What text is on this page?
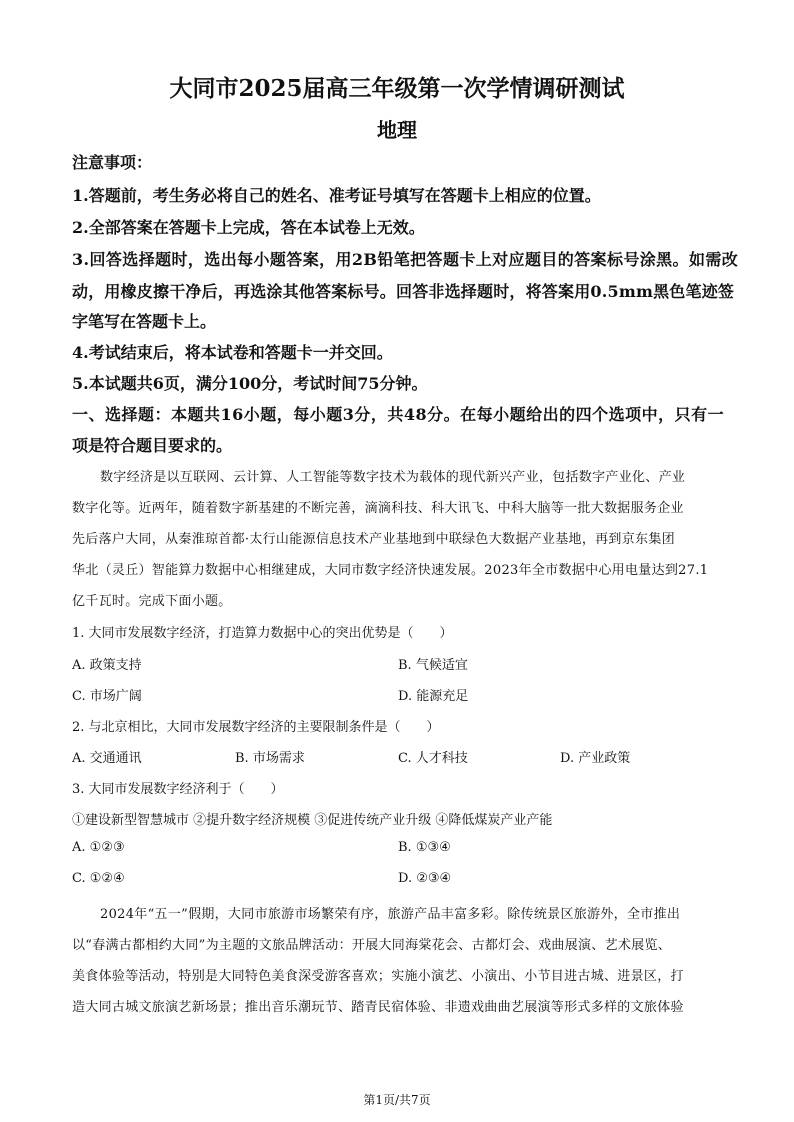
大同市2025届高三年级第一次学情调研测试
地理
注意事项：
1.答题前，考生务必将自己的姓名、准考证号填写在答题卡上相应的位置。
2.全部答案在答题卡上完成，答在本试卷上无效。
3.回答选择题时，选出每小题答案，用2B铅笔把答题卡上对应题目的答案标号涂黑。如需改
动，用橡皮擦干净后，再选涂其他答案标号。回答非选择题时，将答案用0.5mm黑色笔迹签
字笔写在答题卡上。
4.考试结束后，将本试卷和答题卡一并交回。
5.本试题共6页，满分100分，考试时间75分钟。
一、选择题：本题共16小题，每小题3分，共48分。在每小题给出的四个选项中，只有一
项是符合题目要求的。
数字经济是以互联网、云计算、人工智能等数字技术为载体的现代新兴产业，包括数字产业化、产业
数字化等。近两年，随着数字新基建的不断完善，滴滴科技、科大讯飞、中科大脑等一批大数据服务企业
先后落户大同，从秦淮琼首都·太行山能源信息技术产业基地到中联绿色大数据产业基地，再到京东集团
华北（灵丘）智能算力数据中心相继建成，大同市数字经济快速发展。2023年全市数据中心用电量达到27.1
亿千瓦时。完成下面小题。
1. 大同市发展数字经济，打造算力数据中心的突出优势是（　　）
A. 政策支持	B. 气候适宜
C. 市场广阔	D. 能源充足
2. 与北京相比，大同市发展数字经济的主要限制条件是（　　）
A. 交通通讯	B. 市场需求	C. 人才科技	D. 产业政策
3. 大同市发展数字经济利于（　　）
①建设新型智慧城市 ②提升数字经济规模 ③促进传统产业升级 ④降低煤炭产业产能
A. ①②③	B. ①③④
C. ①②④	D. ②③④
2024年“五一”假期，大同市旅游市场繁荣有序，旅游产品丰富多彩。除传统景区旅游外，全市推出
以“春满古都相约大同”为主题的文旅品牌活动：开展大同海棠花会、古都灯会、戏曲展演、艺术展览、
美食体验等活动，特别是大同特色美食深受游客喜欢；实施小演艺、小演出、小节目进古城、进景区，打
造大同古城文旅演艺新场景；推出音乐潮玩节、踏青民宿体验、非遗戏曲曲艺展演等形式多样的文旅体验
第1页/共7页
